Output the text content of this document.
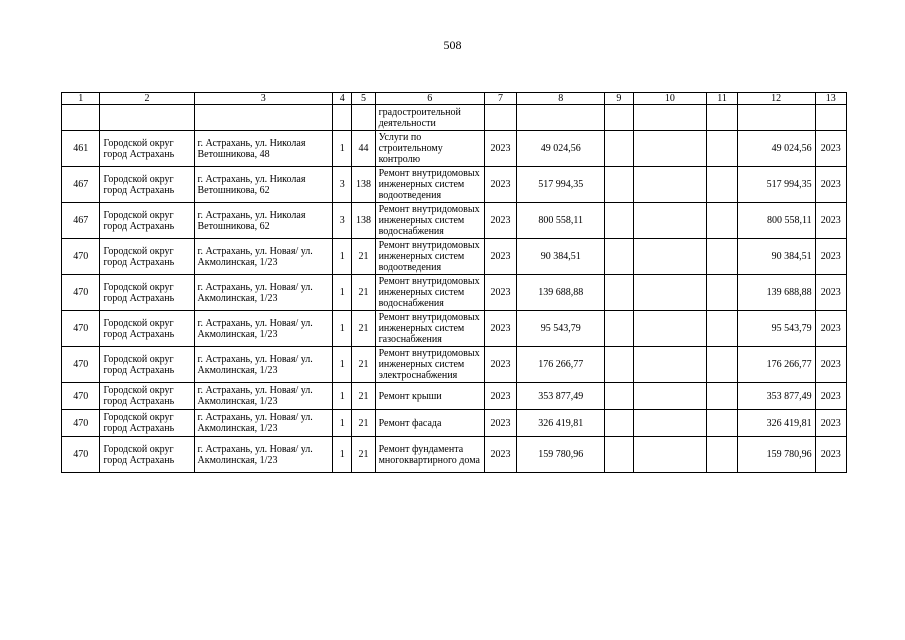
508
1	2	3	4	5	6	7	8	9	10	11	12	13
					градостроительной деятельности							
461	Городской округ город Астрахань	г. Астрахань, ул. Николая Ветошникова, 48	1	44	Услуги по строительному контролю	2023	49 024,56				49 024,56	2023
467	Городской округ город Астрахань	г. Астрахань, ул. Николая Ветошникова, 62	3	138	Ремонт внутридомовых инженерных систем водоотведения	2023	517 994,35				517 994,35	2023
467	Городской округ город Астрахань	г. Астрахань, ул. Николая Ветошникова, 62	3	138	Ремонт внутридомовых инженерных систем водоснабжения	2023	800 558,11				800 558,11	2023
470	Городской округ город Астрахань	г. Астрахань, ул. Новая/ ул. Акмолинская, 1/23	1	21	Ремонт внутридомовых инженерных систем водоотведения	2023	90 384,51				90 384,51	2023
470	Городской округ город Астрахань	г. Астрахань, ул. Новая/ ул. Акмолинская, 1/23	1	21	Ремонт внутридомовых инженерных систем водоснабжения	2023	139 688,88				139 688,88	2023
470	Городской округ город Астрахань	г. Астрахань, ул. Новая/ ул. Акмолинская, 1/23	1	21	Ремонт внутридомовых инженерных систем газоснабжения	2023	95 543,79				95 543,79	2023
470	Городской округ город Астрахань	г. Астрахань, ул. Новая/ ул. Акмолинская, 1/23	1	21	Ремонт внутридомовых инженерных систем электроснабжения	2023	176 266,77				176 266,77	2023
470	Городской округ город Астрахань	г. Астрахань, ул. Новая/ ул. Акмолинская, 1/23	1	21	Ремонт крыши	2023	353 877,49				353 877,49	2023
470	Городской округ город Астрахань	г. Астрахань, ул. Новая/ ул. Акмолинская, 1/23	1	21	Ремонт фасада	2023	326 419,81				326 419,81	2023
470	Городской округ город Астрахань	г. Астрахань, ул. Новая/ ул. Акмолинская, 1/23	1	21	Ремонт фундамента многоквартирного дома	2023	159 780,96				159 780,96	2023
